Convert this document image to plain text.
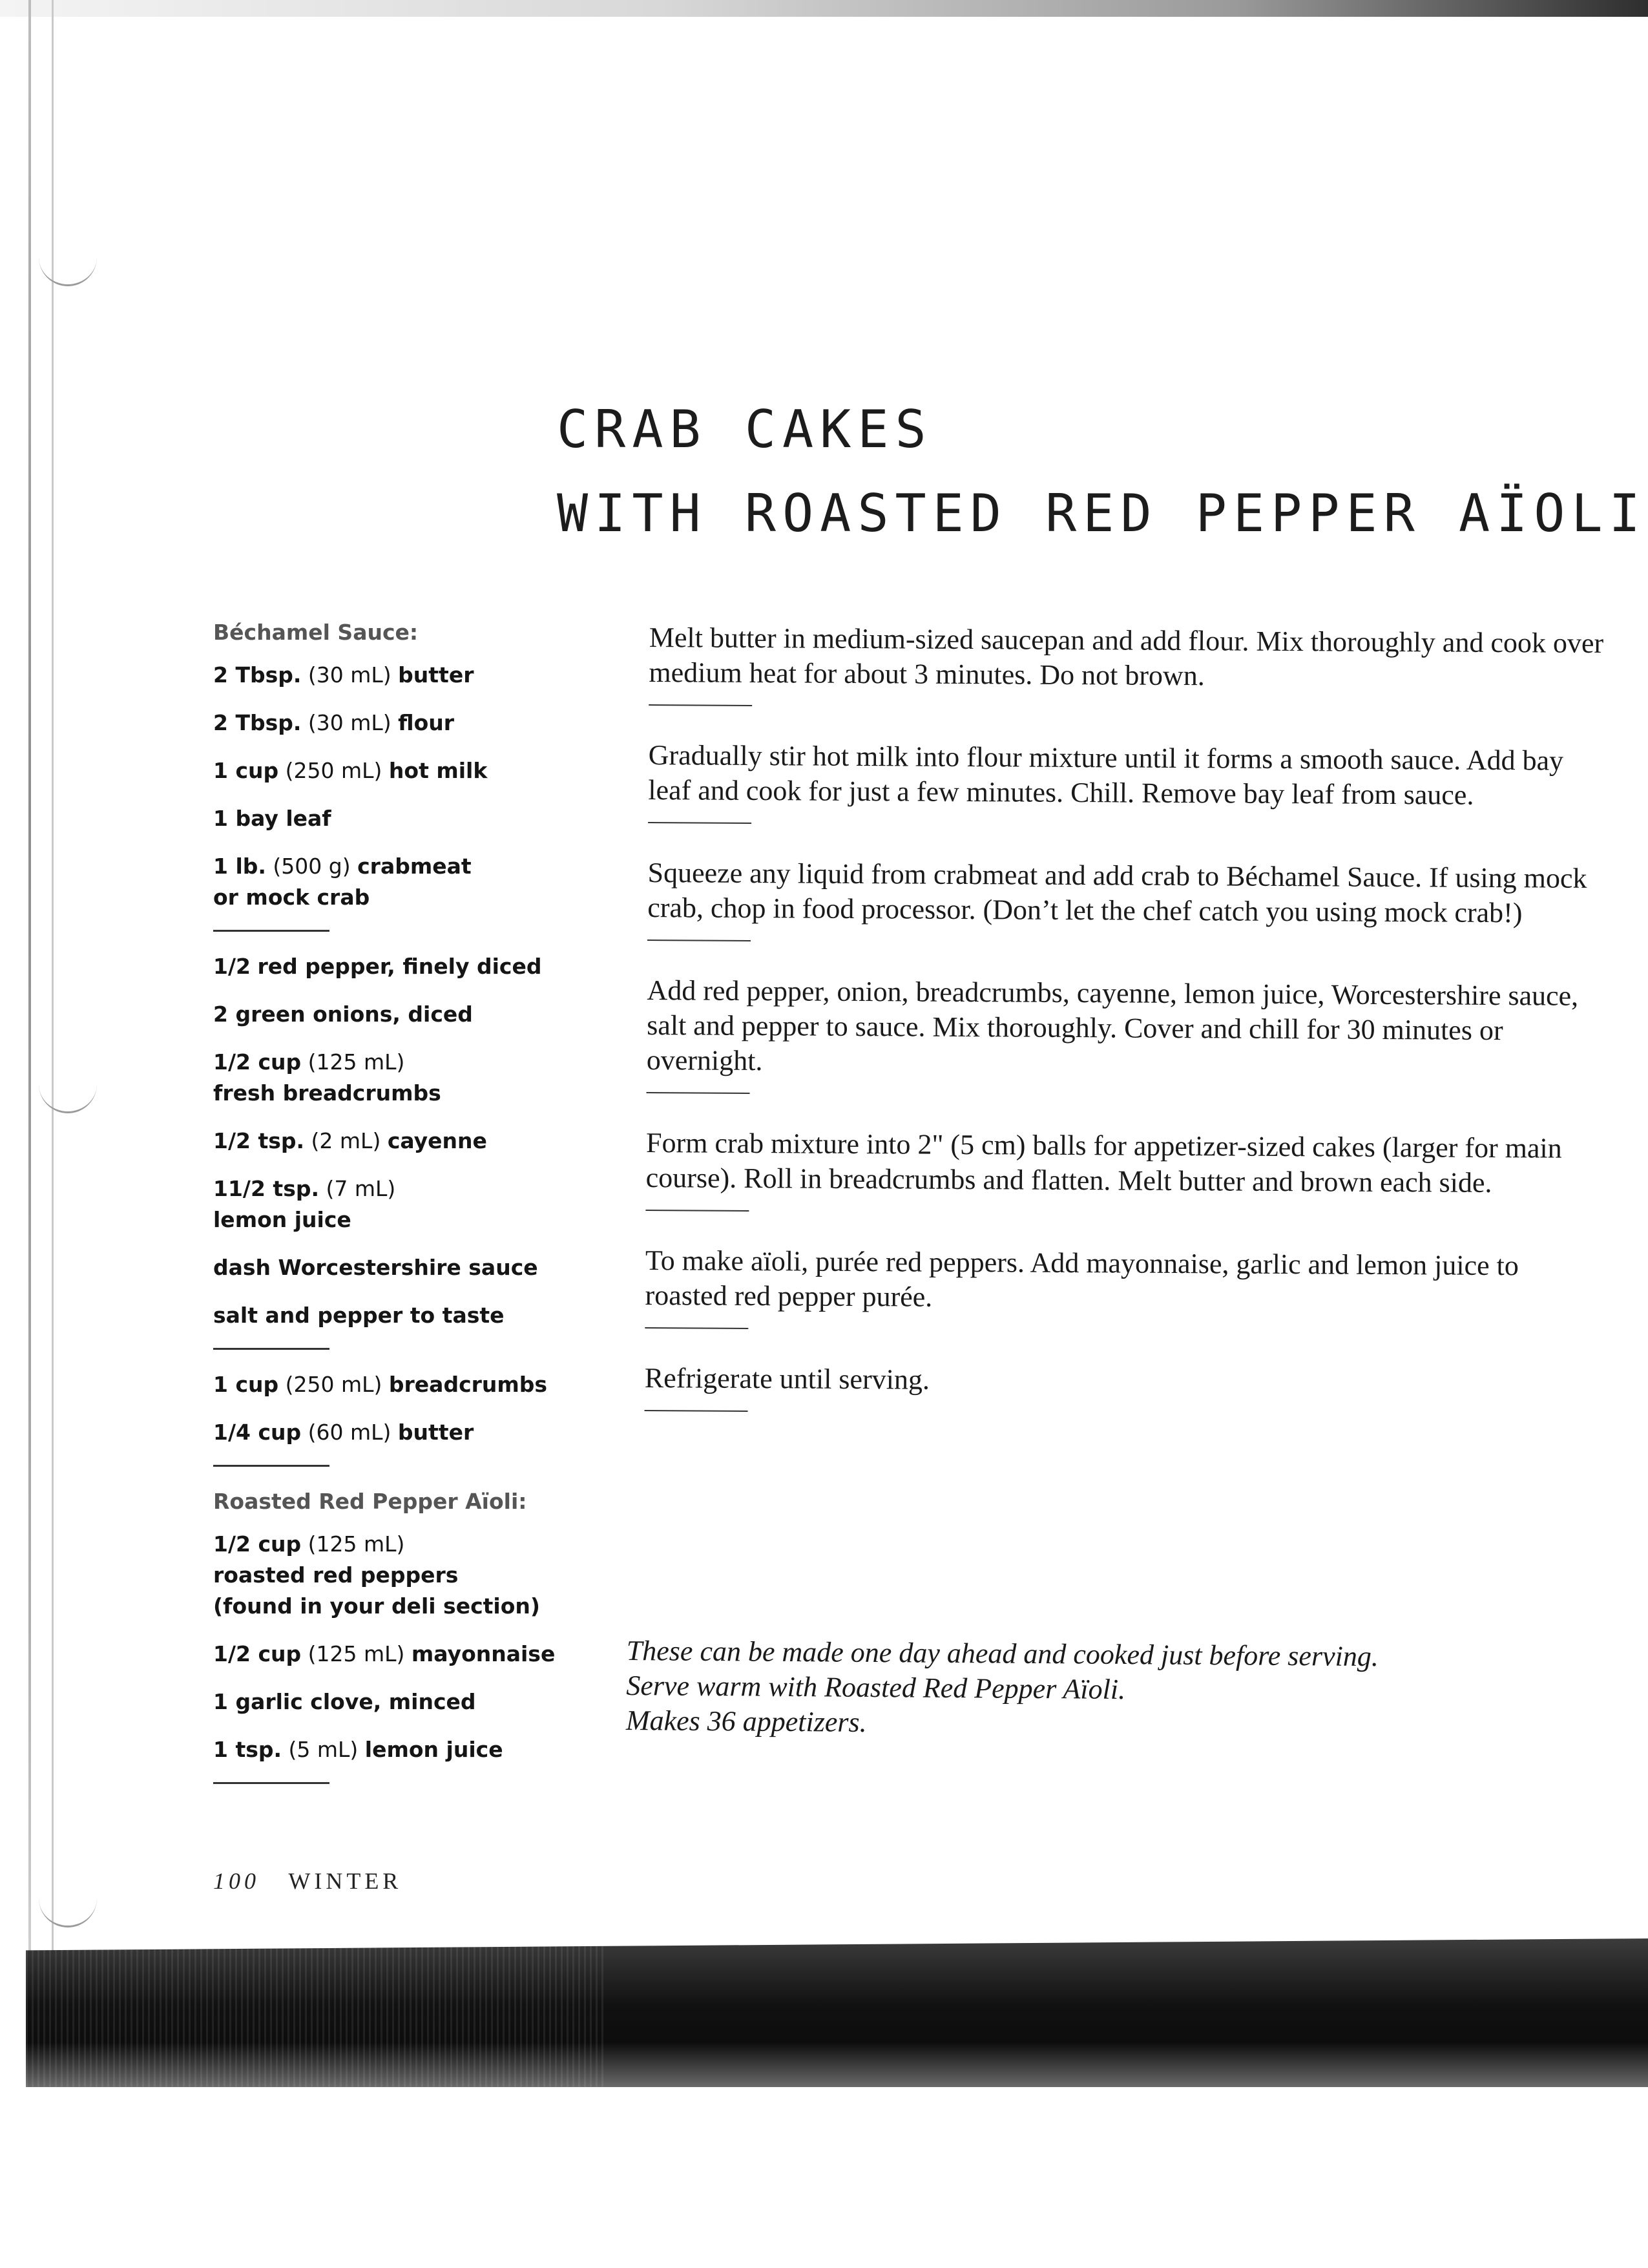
CRAB CAKES
WITH ROASTED RED PEPPER AÏOLI
Béchamel Sauce:
2 Tbsp. (30 mL) butter
2 Tbsp. (30 mL) flour
1 cup (250 mL) hot milk
1 bay leaf
1 lb. (500 g) crabmeat
or mock crab
1/2 red pepper, finely diced
2 green onions, diced
1/2 cup (125 mL)
fresh breadcrumbs
1/2 tsp. (2 mL) cayenne
11/2 tsp. (7 mL)
lemon juice
dash Worcestershire sauce
salt and pepper to taste
1 cup (250 mL) breadcrumbs
1/4 cup (60 mL) butter
Roasted Red Pepper Aïoli:
1/2 cup (125 mL)
roasted red peppers
(found in your deli section)
1/2 cup (125 mL) mayonnaise
1 garlic clove, minced
1 tsp. (5 mL) lemon juice

Melt butter in medium-sized saucepan and add flour. Mix thoroughly and cook over medium heat for about 3 minutes. Do not brown.

Gradually stir hot milk into flour mixture until it forms a smooth sauce. Add bay leaf and cook for just a few minutes. Chill. Remove bay leaf from sauce.

Squeeze any liquid from crabmeat and add crab to Béchamel Sauce. If using mock crab, chop in food processor. (Don’t let the chef catch you using mock crab!)

Add red pepper, onion, breadcrumbs, cayenne, lemon juice, Worcestershire sauce, salt and pepper to sauce. Mix thoroughly. Cover and chill for 30 minutes or overnight.

Form crab mixture into 2" (5 cm) balls for appetizer-sized cakes (larger for main course). Roll in breadcrumbs and flatten. Melt butter and brown each side.

To make aïoli, purée red peppers. Add mayonnaise, garlic and lemon juice to roasted red pepper purée.

Refrigerate until serving.

These can be made one day ahead and cooked just before serving.
Serve warm with Roasted Red Pepper Aïoli.
Makes 36 appetizers.
100 WINTER
